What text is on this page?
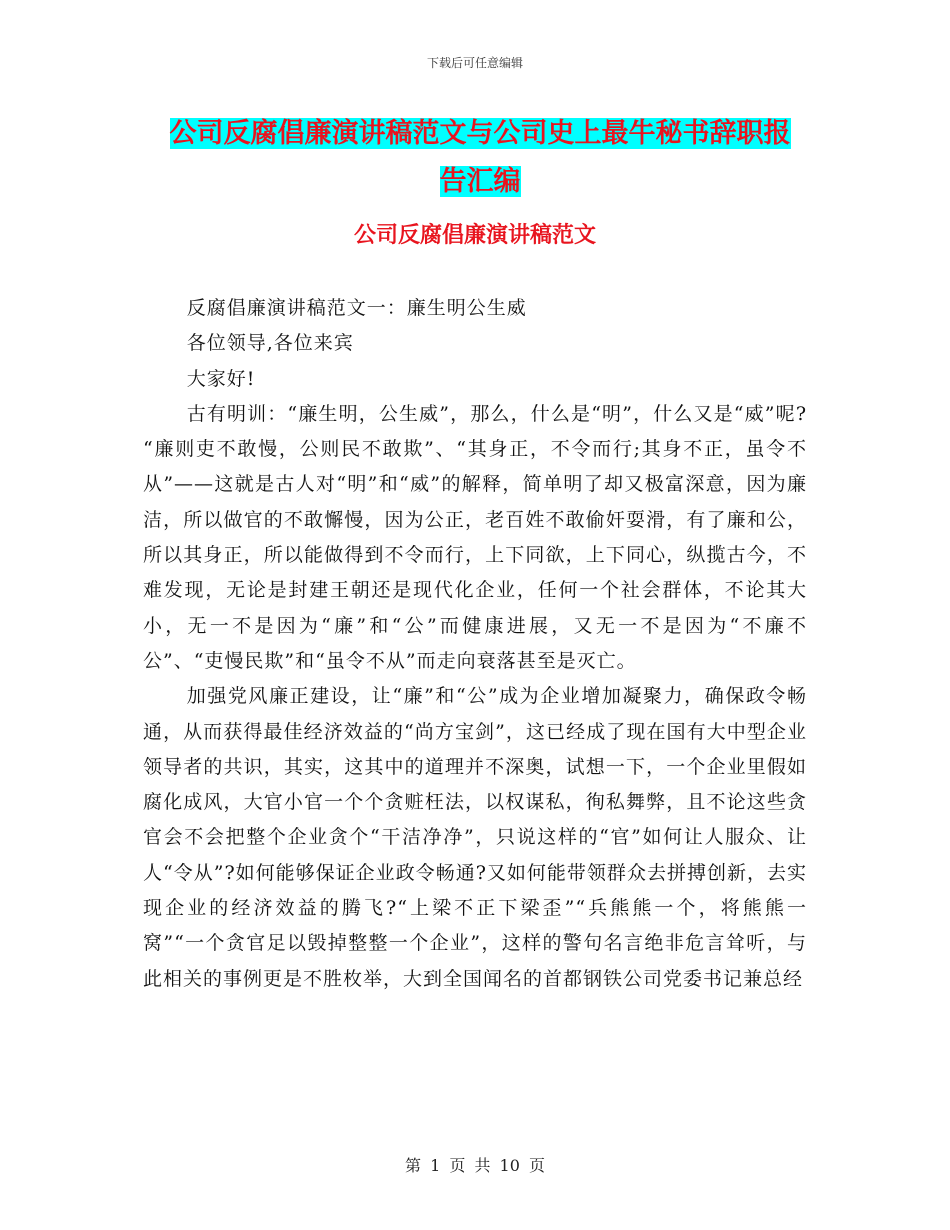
下载后可任意编辑
公司反腐倡廉演讲稿范文与公司史上最牛秘书辞职报
告汇编
公司反腐倡廉演讲稿范文

反腐倡廉演讲稿范文一：廉生明公生威

各位领导,各位来宾

大家好!

古有明训：“廉生明，公生威”，那么，什么是“明”，什么又是“威”呢? “廉则吏不敢慢，公则民不敢欺”、“其身正，不令而行;其身不正，虽令不从”——这就是古人对“明”和“威”的解释，简单明了却又极富深意，因为廉洁，所以做官的不敢懈慢，因为公正，老百姓不敢偷奸耍滑，有了廉和公，所以其身正，所以能做得到不令而行，上下同欲，上下同心，纵揽古今，不难发现，无论是封建王朝还是现代化企业，任何一个社会群体，不论其大小，无一不是因为“廉”和“公”而健康进展，又无一不是因为“不廉不公”、“吏慢民欺”和“虽令不从”而走向衰落甚至是灭亡。

加强党风廉正建设，让“廉”和“公”成为企业增加凝聚力，确保政令畅通，从而获得最佳经济效益的“尚方宝剑”，这已经成了现在国有大中型企业领导者的共识，其实，这其中的道理并不深奥，试想一下，一个企业里假如腐化成风，大官小官一个个贪赃枉法，以权谋私，徇私舞弊，且不论这些贪官会不会把整个企业贪个“干洁净净”，只说这样的“官”如何让人服众、让人“令从”?如何能够保证企业政令畅通?又如何能带领群众去拼搏创新，去实现企业的经济效益的腾飞?“上梁不正下梁歪”“兵熊熊一个，将熊熊一窝”“一个贪官足以毁掉整整一个企业”，这样的警句名言绝非危言耸听，与此相关的事例更是不胜枚举，大到全国闻名的首都钢铁公司党委书记兼总经

第 1 页 共 10 页
